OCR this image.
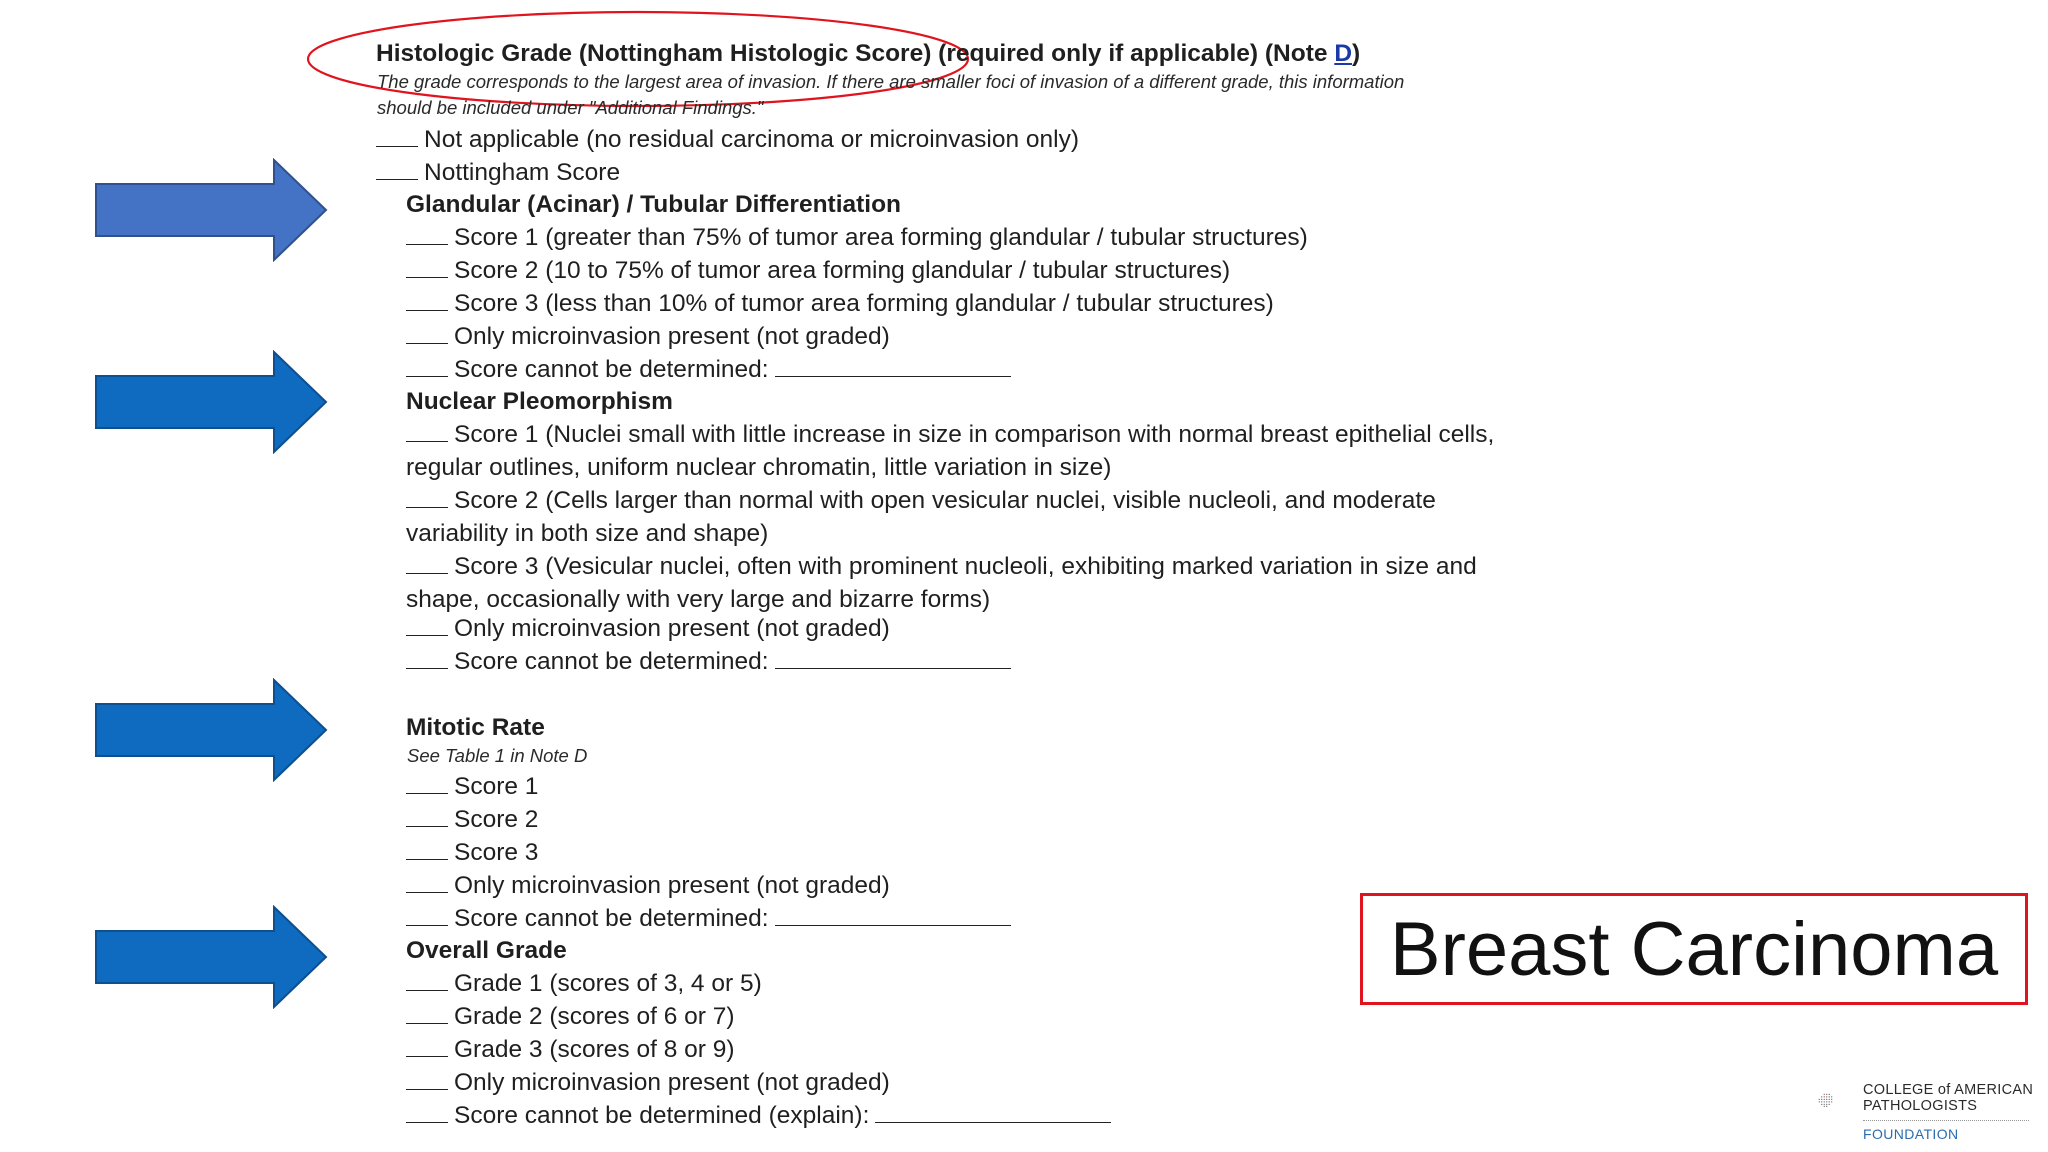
Histologic Grade (Nottingham Histologic Score) (required only if applicable) (Note D)
The grade corresponds to the largest area of invasion. If there are smaller foci of invasion of a different grade, this information
should be included under "Additional Findings."
Not applicable (no residual carcinoma or microinvasion only)
Nottingham Score
Glandular (Acinar) / Tubular Differentiation
Score 1 (greater than 75% of tumor area forming glandular / tubular structures)
Score 2 (10 to 75% of tumor area forming glandular / tubular structures)
Score 3 (less than 10% of tumor area forming glandular / tubular structures)
Only microinvasion present (not graded)
Score cannot be determined:
Nuclear Pleomorphism
Score 1 (Nuclei small with little increase in size in comparison with normal breast epithelial cells,
regular outlines, uniform nuclear chromatin, little variation in size)
Score 2 (Cells larger than normal with open vesicular nuclei, visible nucleoli, and moderate
variability in both size and shape)
Score 3 (Vesicular nuclei, often with prominent nucleoli, exhibiting marked variation in size and
shape, occasionally with very large and bizarre forms)
Only microinvasion present (not graded)
Score cannot be determined:
Mitotic Rate
See Table 1 in Note D
Score 1
Score 2
Score 3
Only microinvasion present (not graded)
Score cannot be determined:
Overall Grade
Grade 1 (scores of 3, 4 or 5)
Grade 2 (scores of 6 or 7)
Grade 3 (scores of 8 or 9)
Only microinvasion present (not graded)
Score cannot be determined (explain):
Breast Carcinoma
COLLEGE of AMERICAN
PATHOLOGISTS
FOUNDATION
